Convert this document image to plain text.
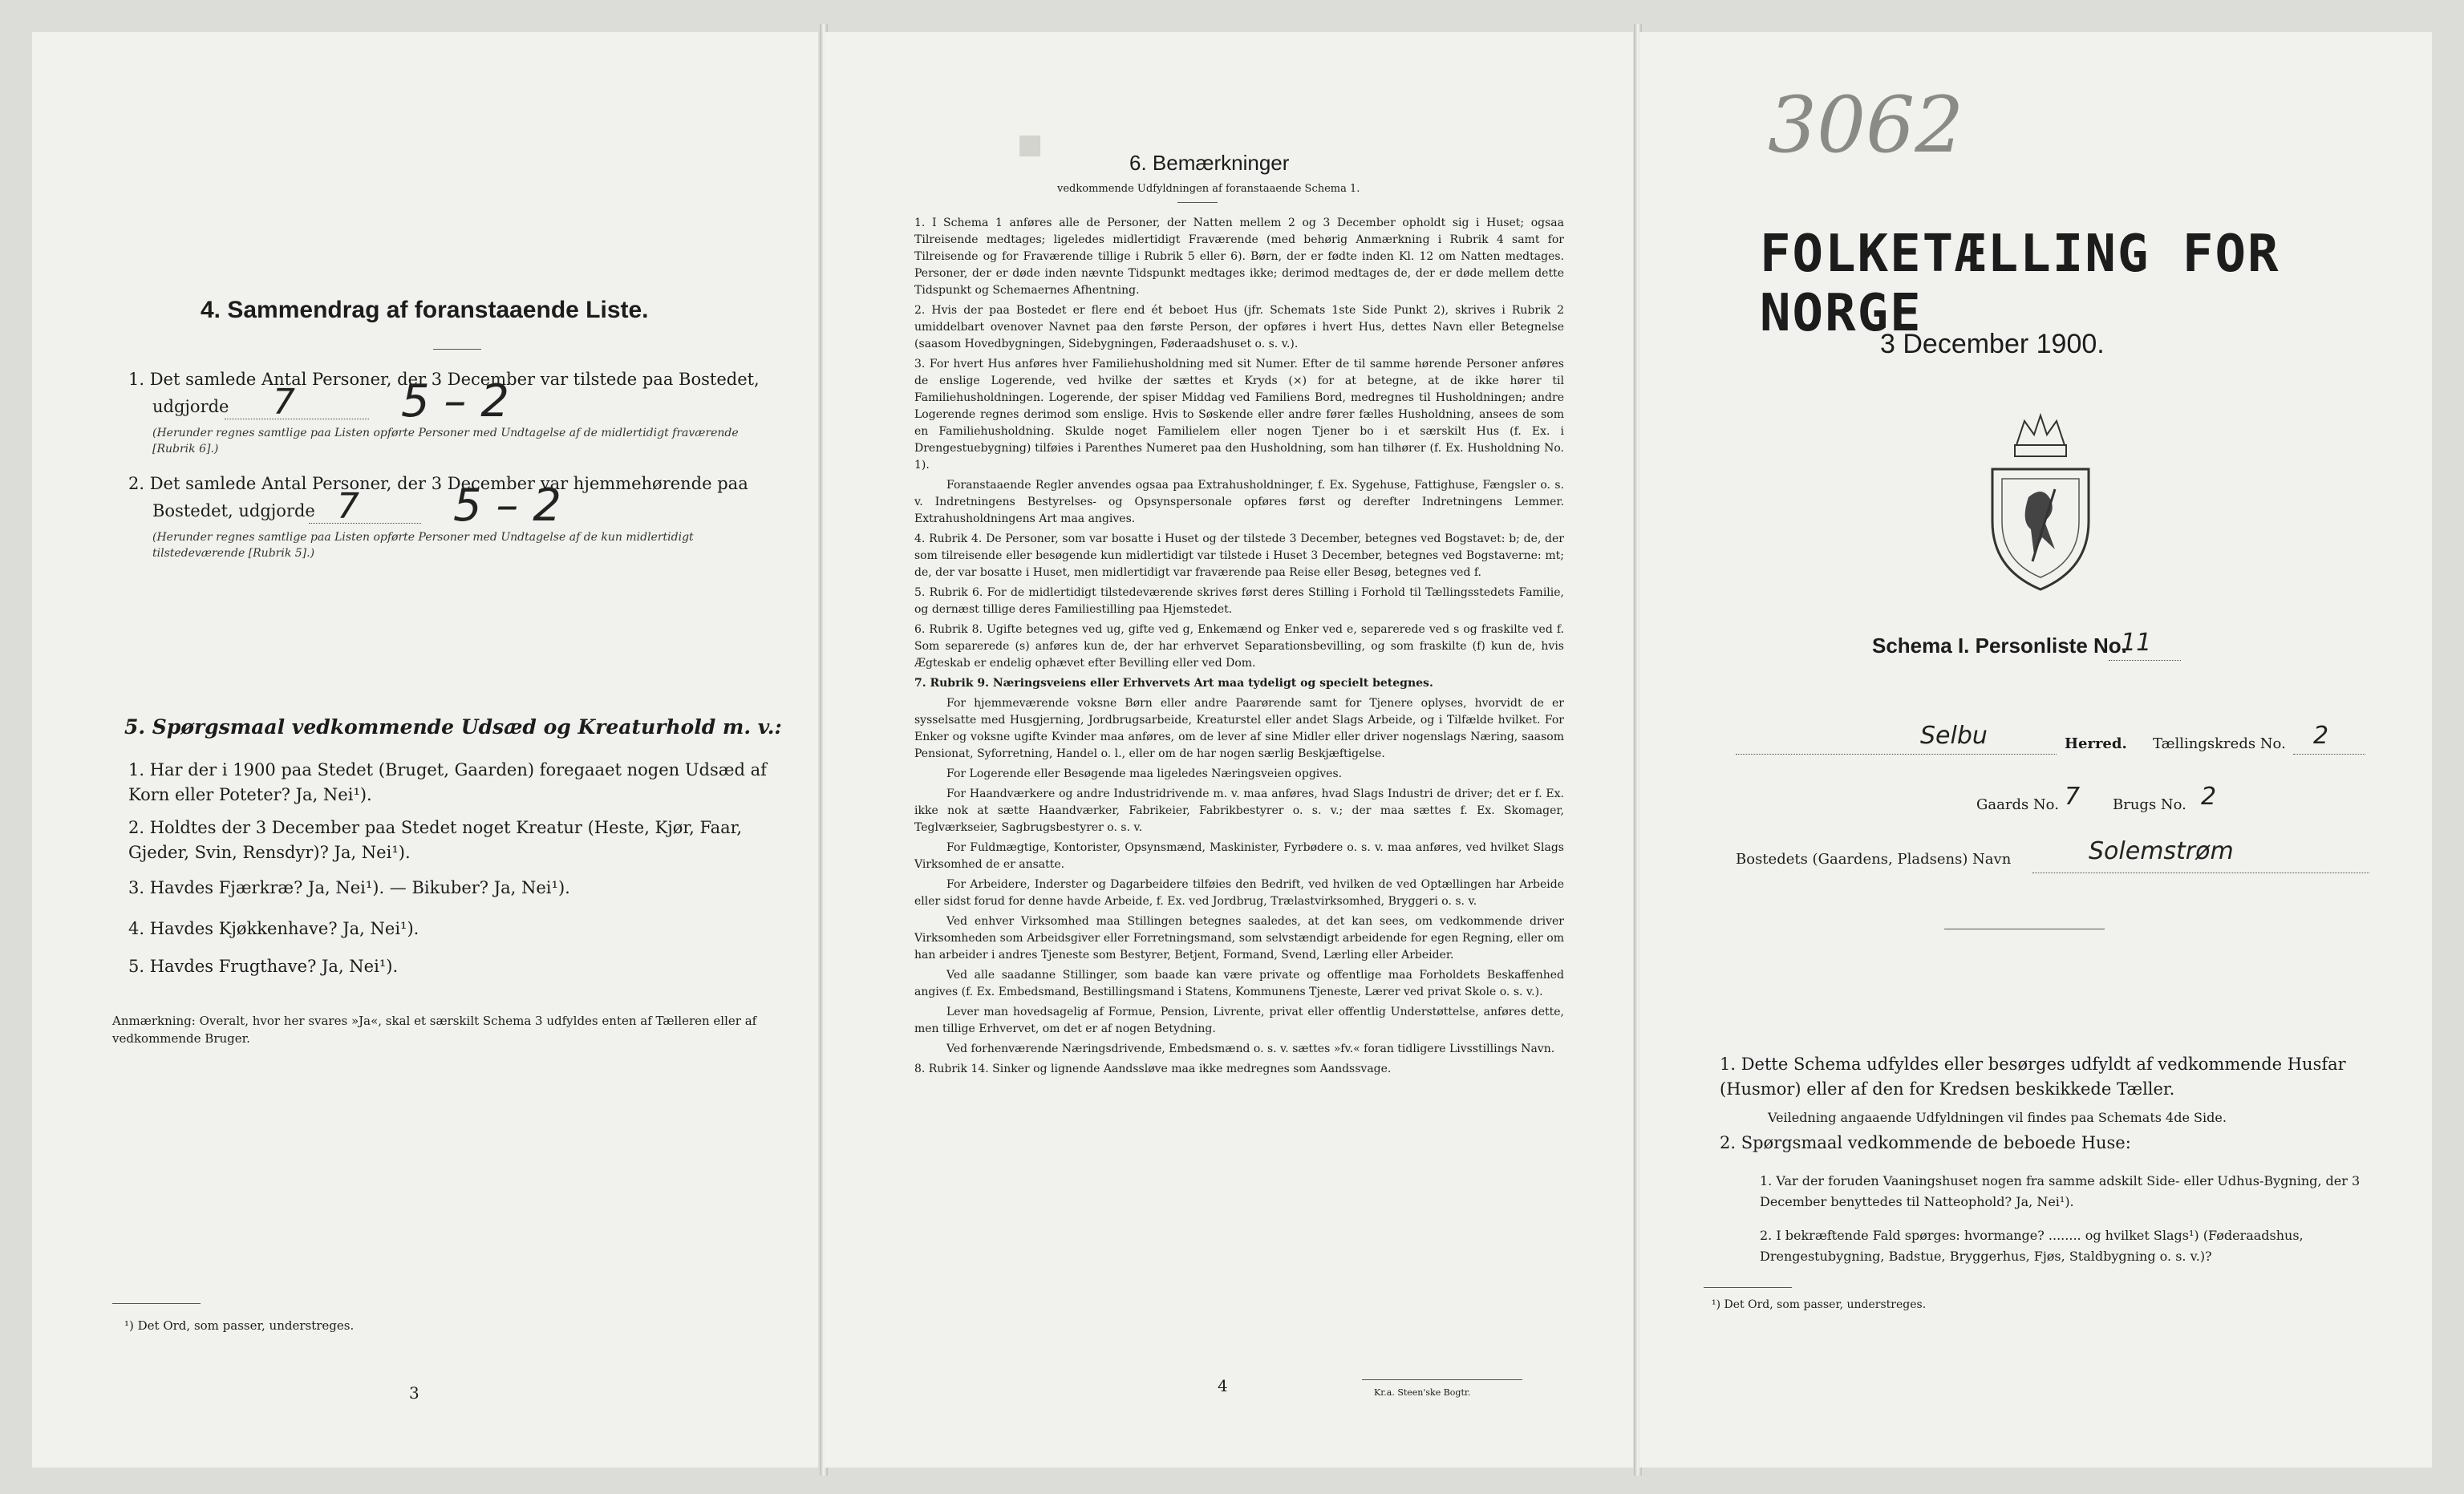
4. Sammendrag af foranstaaende Liste.
1. Det samlede Antal Personer, der 3 December var tilstede paa Bostedet,
udgjorde 7 5 – 2
(Herunder regnes samtlige paa Listen opførte Personer med Undtagelse af de midlertidigt fraværende [Rubrik 6].)
2. Det samlede Antal Personer, der 3 December var hjemmehørende paa
Bostedet, udgjorde 7 5 – 2
(Herunder regnes samtlige paa Listen opførte Personer med Undtagelse af de kun midlertidigt tilstedeværende [Rubrik 5].)
5. Spørgsmaal vedkommende Udsæd og Kreaturhold m. v.:
1. Har der i 1900 paa Stedet (Bruget, Gaarden) foregaaet nogen Udsæd af Korn eller Poteter? Ja, Nei¹).
2. Holdtes der 3 December paa Stedet noget Kreatur (Heste, Kjør, Faar, Gjeder, Svin, Rensdyr)? Ja, Nei¹).
3. Havdes Fjærkræ? Ja, Nei¹). — Bikuber? Ja, Nei¹).
4. Havdes Kjøkkenhave? Ja, Nei¹).
5. Havdes Frugthave? Ja, Nei¹).
Anmærkning: Overalt, hvor her svares »Ja«, skal et særskilt Schema 3 udfyldes enten af Tælleren eller af vedkommende Bruger.
¹) Det Ord, som passer, understreges.
3
■
6. Bemærkninger
vedkommende Udfyldningen af foranstaaende Schema 1.

1. I Schema 1 anføres alle de Personer, der Natten mellem 2 og 3 December opholdt sig i Huset; ogsaa Tilreisende medtages; ligeledes midlertidigt Fraværende (med behørig Anmærkning i Rubrik 4 samt for Tilreisende og for Fraværende tillige i Rubrik 5 eller 6). Børn, der er fødte inden Kl. 12 om Natten medtages. Personer, der er døde inden nævnte Tidspunkt medtages ikke; derimod medtages de, der er døde mellem dette Tidspunkt og Schemaernes Afhentning.

2. Hvis der paa Bostedet er flere end ét beboet Hus (jfr. Schemats 1ste Side Punkt 2), skrives i Rubrik 2 umiddelbart ovenover Navnet paa den første Person, der opføres i hvert Hus, dettes Navn eller Betegnelse (saasom Hovedbygningen, Sidebygningen, Føderaadshuset o. s. v.).

3. For hvert Hus anføres hver Familiehusholdning med sit Numer. Efter de til samme hørende Personer anføres de enslige Logerende, ved hvilke der sættes et Kryds (×) for at betegne, at de ikke hører til Familiehusholdningen. Logerende, der spiser Middag ved Familiens Bord, medregnes til Husholdningen; andre Logerende regnes derimod som enslige. Hvis to Søskende eller andre fører fælles Husholdning, ansees de som en Familiehusholdning. Skulde noget Familielem eller nogen Tjener bo i et særskilt Hus (f. Ex. i Drengestuebygning) tilføies i Parenthes Numeret paa den Husholdning, som han tilhører (f. Ex. Husholdning No. 1).

Foranstaaende Regler anvendes ogsaa paa Extrahusholdninger, f. Ex. Sygehuse, Fattighuse, Fængsler o. s. v. Indretningens Bestyrelses- og Opsynspersonale opføres først og derefter Indretningens Lemmer. Extrahusholdningens Art maa angives.

4. Rubrik 4. De Personer, som var bosatte i Huset og der tilstede 3 December, betegnes ved Bogstavet: b; de, der som tilreisende eller besøgende kun midlertidigt var tilstede i Huset 3 December, betegnes ved Bogstaverne: mt; de, der var bosatte i Huset, men midlertidigt var fraværende paa Reise eller Besøg, betegnes ved f.

5. Rubrik 6. For de midlertidigt tilstedeværende skrives først deres Stilling i Forhold til Tællingsstedets Familie, og dernæst tillige deres Familiestilling paa Hjemstedet.

6. Rubrik 8. Ugifte betegnes ved ug, gifte ved g, Enkemænd og Enker ved e, separerede ved s og fraskilte ved f. Som separerede (s) anføres kun de, der har erhvervet Separationsbevilling, og som fraskilte (f) kun de, hvis Ægteskab er endelig ophævet efter Bevilling eller ved Dom.

7. Rubrik 9. Næringsveiens eller Erhvervets Art maa tydeligt og specielt betegnes.

For hjemmeværende voksne Børn eller andre Paarørende samt for Tjenere oplyses, hvorvidt de er sysselsatte med Husgjerning, Jordbrugsarbeide, Kreaturstel eller andet Slags Arbeide, og i Tilfælde hvilket. For Enker og voksne ugifte Kvinder maa anføres, om de lever af sine Midler eller driver nogenslags Næring, saasom Pensionat, Syforretning, Handel o. l., eller om de har nogen særlig Beskjæftigelse.

For Logerende eller Besøgende maa ligeledes Næringsveien opgives.

For Haandværkere og andre Industridrivende m. v. maa anføres, hvad Slags Industri de driver; det er f. Ex. ikke nok at sætte Haandværker, Fabrikeier, Fabrikbestyrer o. s. v.; der maa sættes f. Ex. Skomager, Teglværkseier, Sagbrugsbestyrer o. s. v.

For Fuldmægtige, Kontorister, Opsynsmænd, Maskinister, Fyrbødere o. s. v. maa anføres, ved hvilket Slags Virksomhed de er ansatte.

For Arbeidere, Inderster og Dagarbeidere tilføies den Bedrift, ved hvilken de ved Optællingen har Arbeide eller sidst forud for denne havde Arbeide, f. Ex. ved Jordbrug, Trælastvirksomhed, Bryggeri o. s. v.

Ved enhver Virksomhed maa Stillingen betegnes saaledes, at det kan sees, om vedkommende driver Virksomheden som Arbeidsgiver eller Forretningsmand, som selvstændigt arbeidende for egen Regning, eller om han arbeider i andres Tjeneste som Bestyrer, Betjent, Formand, Svend, Lærling eller Arbeider.

Ved alle saadanne Stillinger, som baade kan være private og offentlige maa Forholdets Beskaffenhed angives (f. Ex. Embedsmand, Bestillingsmand i Statens, Kommunens Tjeneste, Lærer ved privat Skole o. s. v.).

Lever man hovedsagelig af Formue, Pension, Livrente, privat eller offentlig Understøttelse, anføres dette, men tillige Erhvervet, om det er af nogen Betydning.

Ved forhenværende Næringsdrivende, Embedsmænd o. s. v. sættes »fv.« foran tidligere Livsstillings Navn.

8. Rubrik 14. Sinker og lignende Aandssløve maa ikke medregnes som Aandssvage.

4	Kr.a. Steen'ske Bogtr.
3062
FOLKETÆLLING FOR NORGE
3 December 1900.
Schema I. Personliste No.
11
Selbu	Herred. Tællingskreds No. 2
Gaards No. 7 Brugs No. 2
Bostedets (Gaardens, Pladsens) Navn	Solemstrøm
1. Dette Schema udfyldes eller besørges udfyldt af vedkommende Husfar (Husmor) eller af den for Kredsen beskikkede Tæller.
Veiledning angaaende Udfyldningen vil findes paa Schemats 4de Side.
2. Spørgsmaal vedkommende de beboede Huse:
1. Var der foruden Vaaningshuset nogen fra samme adskilt Side- eller Udhus-Bygning, der 3 December benyttedes til Natteophold? Ja, Nei¹).
2. I bekræftende Fald spørges: hvormange? ........ og hvilket Slags¹) (Føderaadshus, Drengestubygning, Badstue, Bryggerhus, Fjøs, Staldbygning o. s. v.)?
¹) Det Ord, som passer, understreges.
